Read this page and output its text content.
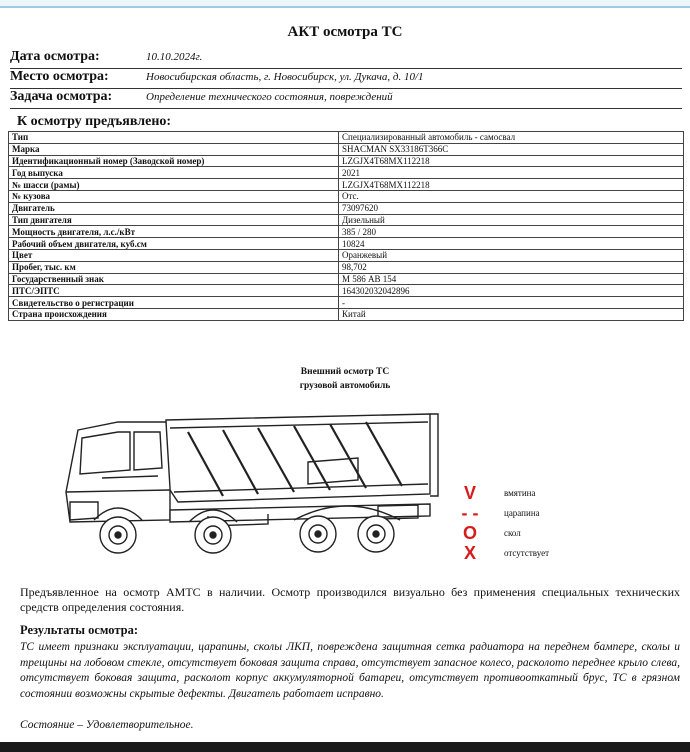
АКТ осмотра ТС
Дата осмотра:	10.10.2024г.
Место осмотра:	Новосибирская область, г. Новосибирск, ул. Дукача, д. 10/1
Задача осмотра:	Определение технического состояния, повреждений
К осмотру предъявлено:
Тип	Специализированный автомобиль - самосвал
Марка	SHACMAN SX33186T366C
Идентификационный номер (Заводской номер)	LZGJX4T68MX112218
Год выпуска	2021
№ шасси (рамы)	LZGJX4T68MX112218
№ кузова	Отс.
Двигатель	73097620
Тип двигателя	Дизельный
Мощность двигателя, л.с./кВт	385 / 280
Рабочий объем двигателя, куб.см	10824
Цвет	Оранжевый
Пробег, тыс. км	98,702
Государственный знак	М 586 АВ 154
ПТС/ЭПТС	164302032042896
Свидетельство о регистрации	-
Страна происхождения	Китай
Внешний осмотр ТС
грузовой автомобиль
V	вмятина
- -	царапина
O	скол
X	отсутствует
Предъявленное на осмотр АМТС в наличии. Осмотр производился визуально без применения специальных технических средств определения состояния.
Результаты осмотра:
ТС имеет признаки эксплуатации, царапины, сколы ЛКП, повреждена защитная сетка радиатора на переднем бампере, сколы и трещины на лобовом стекле, отсутствует боковая защита справа, отсутствует запасное колесо, расколото переднее крыло слева, отсутствует боковая защита, расколот корпус аккумуляторной батареи, отсутствует противооткатный брус, ТС в грязном состоянии возможны скрытые дефекты. Двигатель работает исправно.
Состояние – Удовлетворительное.
